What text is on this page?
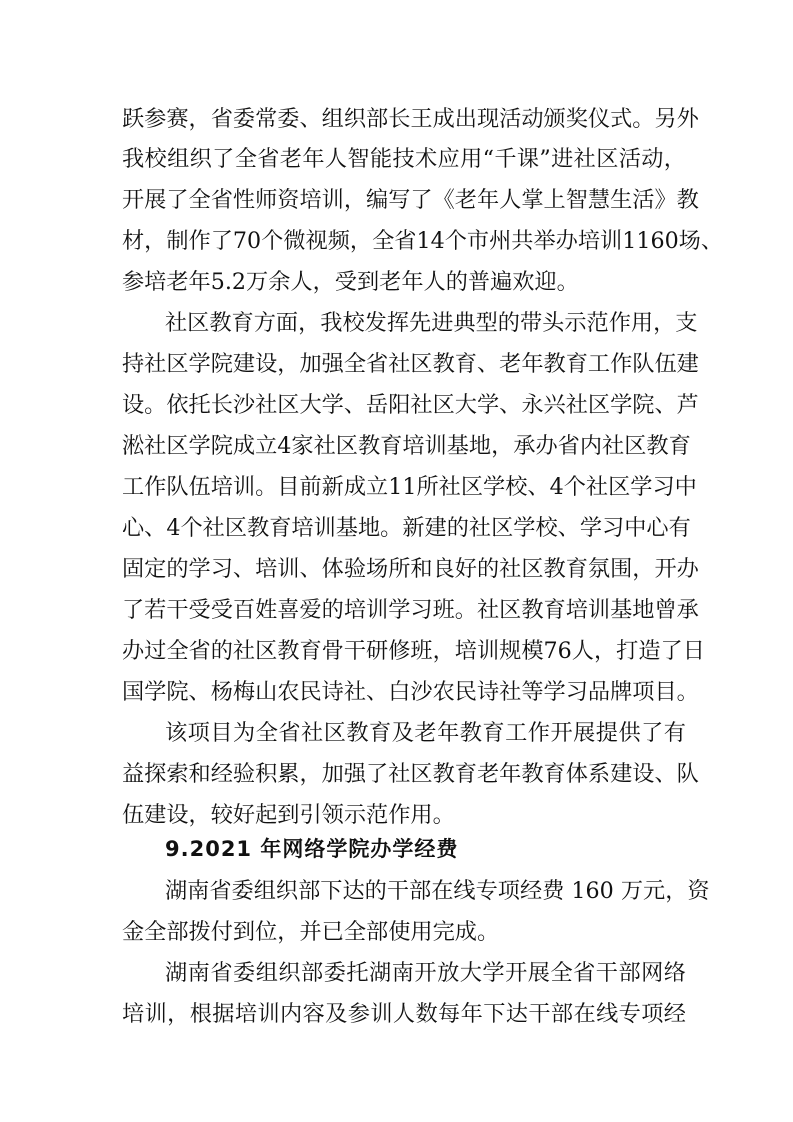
跃参赛，省委常委、组织部长王成出现活动颁奖仪式。另外
我校组织了全省老年人智能技术应用“千课”进社区活动，
开展了全省性师资培训，编写了《老年人掌上智慧生活》教
材，制作了70个微视频，全省14个市州共举办培训1160场、
参培老年5.2万余人，受到老年人的普遍欢迎。
社区教育方面，我校发挥先进典型的带头示范作用，支
持社区学院建设，加强全省社区教育、老年教育工作队伍建
设。依托长沙社区大学、岳阳社区大学、永兴社区学院、芦
淞社区学院成立4家社区教育培训基地，承办省内社区教育
工作队伍培训。目前新成立11所社区学校、4个社区学习中
心、4个社区教育培训基地。新建的社区学校、学习中心有
固定的学习、培训、体验场所和良好的社区教育氛围，开办
了若干受受百姓喜爱的培训学习班。社区教育培训基地曾承
办过全省的社区教育骨干研修班，培训规模76人，打造了日
国学院、杨梅山农民诗社、白沙农民诗社等学习品牌项目。
该项目为全省社区教育及老年教育工作开展提供了有
益探索和经验积累，加强了社区教育老年教育体系建设、队
伍建设，较好起到引领示范作用。
9.2021 年网络学院办学经费
湖南省委组织部下达的干部在线专项经费 160 万元，资
金全部拨付到位，并已全部使用完成。
湖南省委组织部委托湖南开放大学开展全省干部网络
培训，根据培训内容及参训人数每年下达干部在线专项经
